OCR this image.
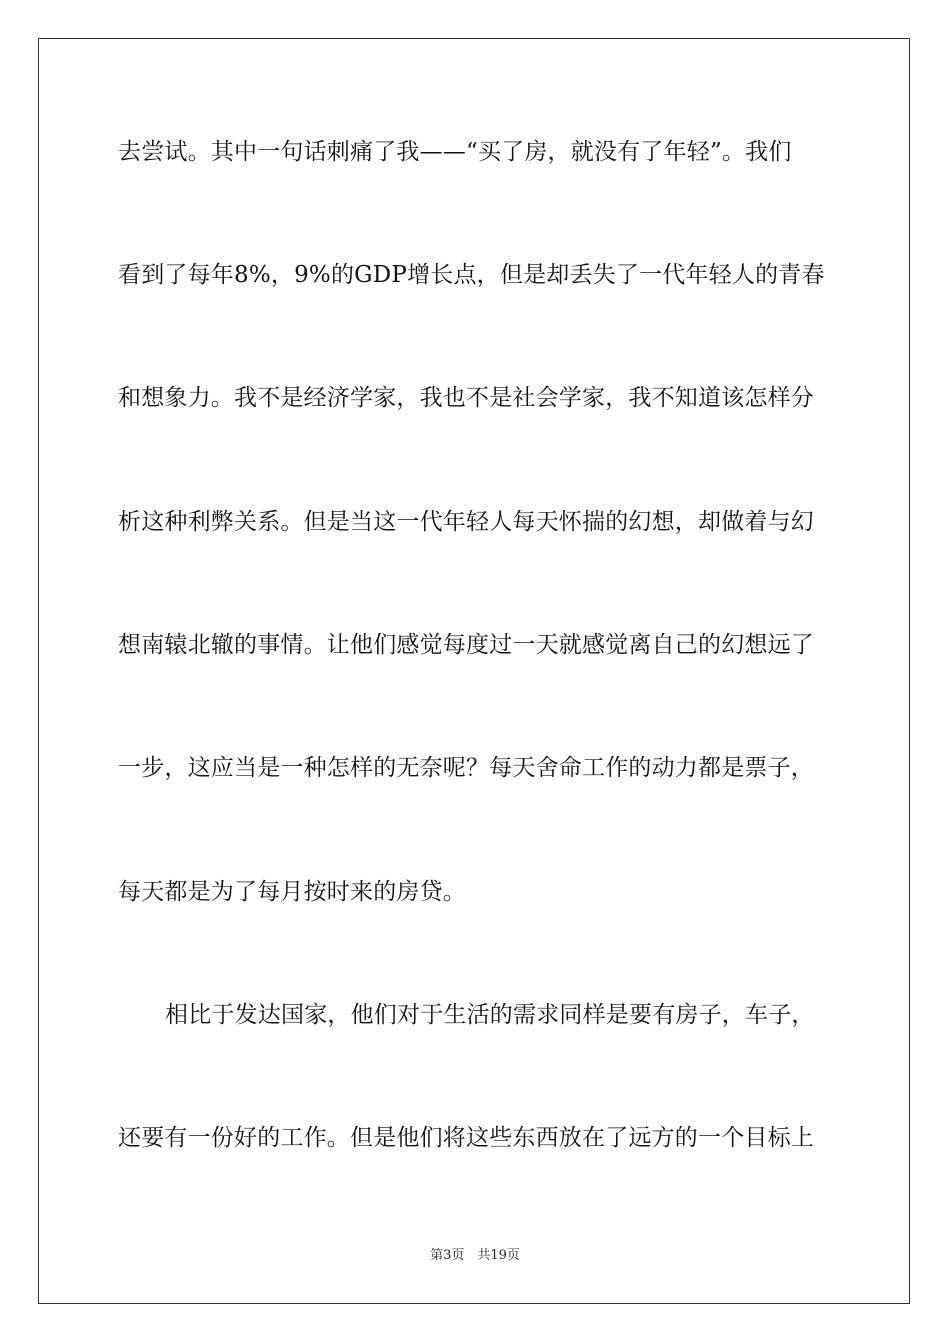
去尝试。其中一句话刺痛了我——“买了房，就没有了年轻”。我们
看到了每年8%，9%的GDP增长点，但是却丢失了一代年轻人的青春
和想象力。我不是经济学家，我也不是社会学家，我不知道该怎样分
析这种利弊关系。但是当这一代年轻人每天怀揣的幻想，却做着与幻
想南辕北辙的事情。让他们感觉每度过一天就感觉离自己的幻想远了
一步，这应当是一种怎样的无奈呢？每天舍命工作的动力都是票子，
每天都是为了每月按时来的房贷。
相比于发达国家，他们对于生活的需求同样是要有房子，车子，
还要有一份好的工作。但是他们将这些东西放在了远方的一个目标上
第3页　共19页
